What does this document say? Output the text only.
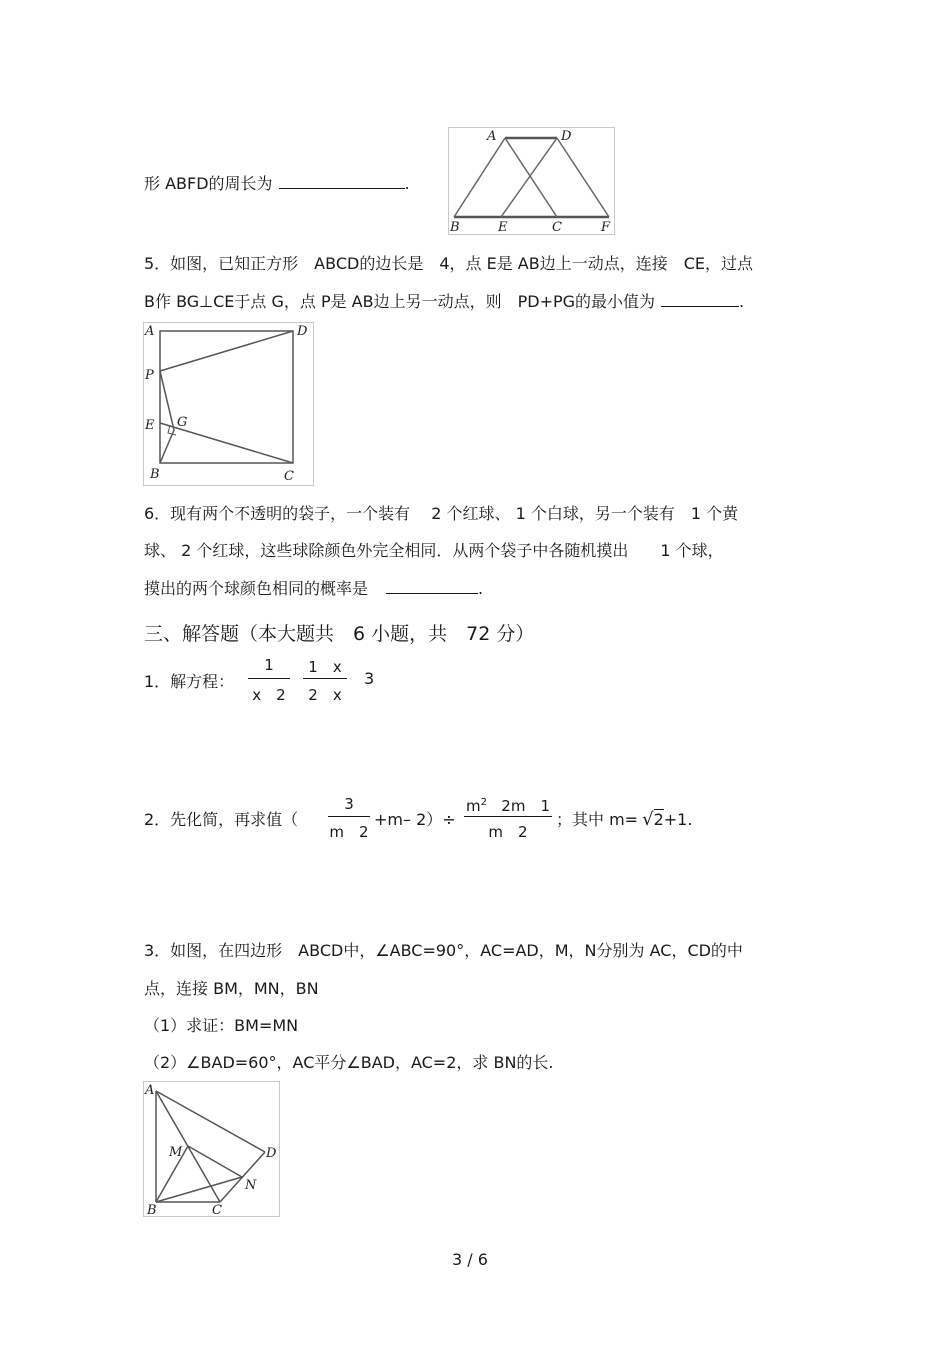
形 ABFD的周长为	.
A	D
B	E	C	F
5．如图，已知正方形　ABCD的边长是　4，点 E是 AB边上一动点，连接　CE，过点
B作 BG⊥CE于点 G，点 P是 AB边上另一动点，则　PD+PG的最小值为	.
A	D
P
E G
B	C
6．现有两个不透明的袋子，一个装有　 2 个红球、 1 个白球，另一个装有　1 个黄
球、 2 个红球，这些球除颜色外完全相同．从两个袋子中各随机摸出　　1 个球，
摸出的两个球颜色相同的概率是	.
三、解答题（本大题共　6 小题，共　72 分）
1．解方程：
1
x　2
1　x
2　x
3
2．先化简，再求值（
3
m　2
+m– 2）÷
$m^2$ 2m　1
m　2
；其中 m= √2+1.
3．如图，在四边形　ABCD中，∠ABC=90°，AC=AD，M，N分别为 AC，CD的中
点，连接 BM，MN，BN
（1）求证：BM=MN
（2）∠BAD=60°，AC平分∠BAD，AC=2，求 BN的长.
A
D
M
N
B	C
3 / 6
